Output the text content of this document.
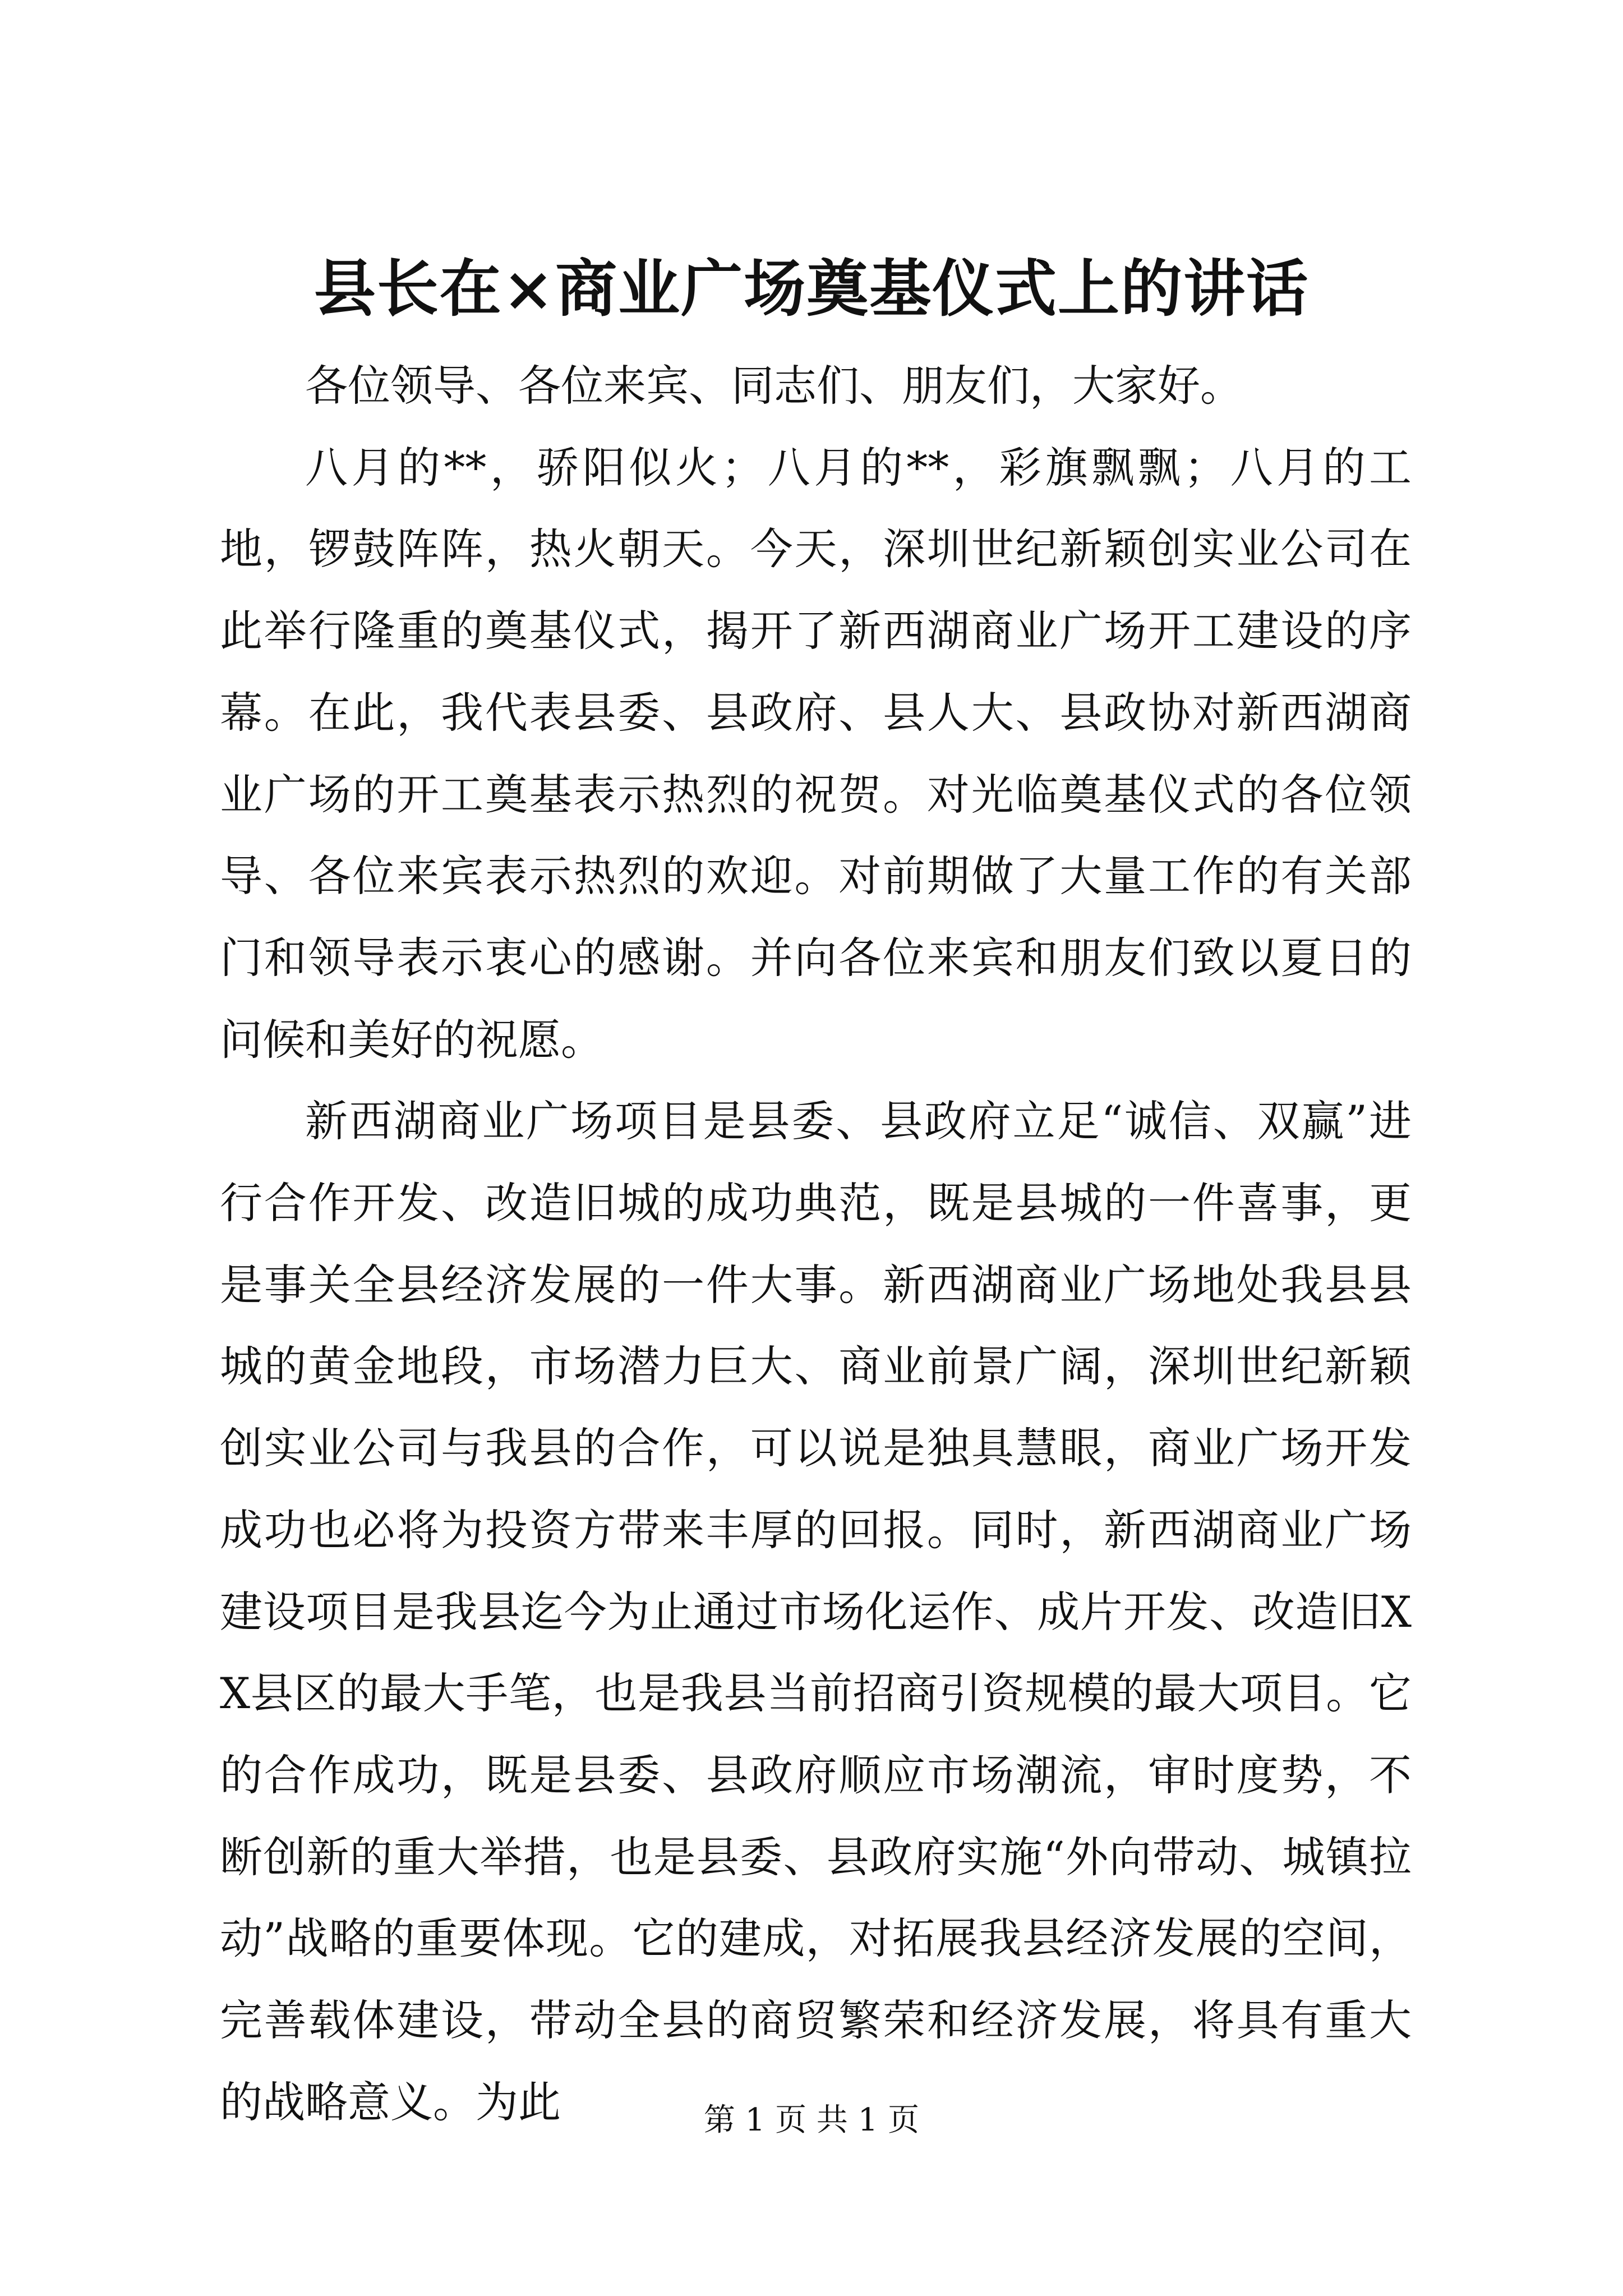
县长在×商业广场奠基仪式上的讲话

各位领导、各位来宾、同志们、朋友们，大家好。

八月的**，骄阳似火；八月的**，彩旗飘飘；八月的工地，锣鼓阵阵，热火朝天。今天，深圳世纪新颖创实业公司在此举行隆重的奠基仪式，揭开了新西湖商业广场开工建设的序幕。在此，我代表县委、县政府、县人大、县政协对新西湖商业广场的开工奠基表示热烈的祝贺。对光临奠基仪式的各位领导、各位来宾表示热烈的欢迎。对前期做了大量工作的有关部门和领导表示衷心的感谢。并向各位来宾和朋友们致以夏日的问候和美好的祝愿。

新西湖商业广场项目是县委、县政府立足“诚信、双赢”进行合作开发、改造旧城的成功典范，既是县城的一件喜事，更是事关全县经济发展的一件大事。新西湖商业广场地处我县县城的黄金地段，市场潜力巨大、商业前景广阔，深圳世纪新颖创实业公司与我县的合作，可以说是独具慧眼，商业广场开发成功也必将为投资方带来丰厚的回报。同时，新西湖商业广场建设项目是我县迄今为止通过市场化运作、成片开发、改造旧XX县区的最大手笔，也是我县当前招商引资规模的最大项目。它的合作成功，既是县委、县政府顺应市场潮流，审时度势，不断创新的重大举措，也是县委、县政府实施“外向带动、城镇拉动”战略的重要体现。它的建成，对拓展我县经济发展的空间，完善载体建设，带动全县的商贸繁荣和经济发展，将具有重大的战略意义。为此	第 1 页 共 1 页
